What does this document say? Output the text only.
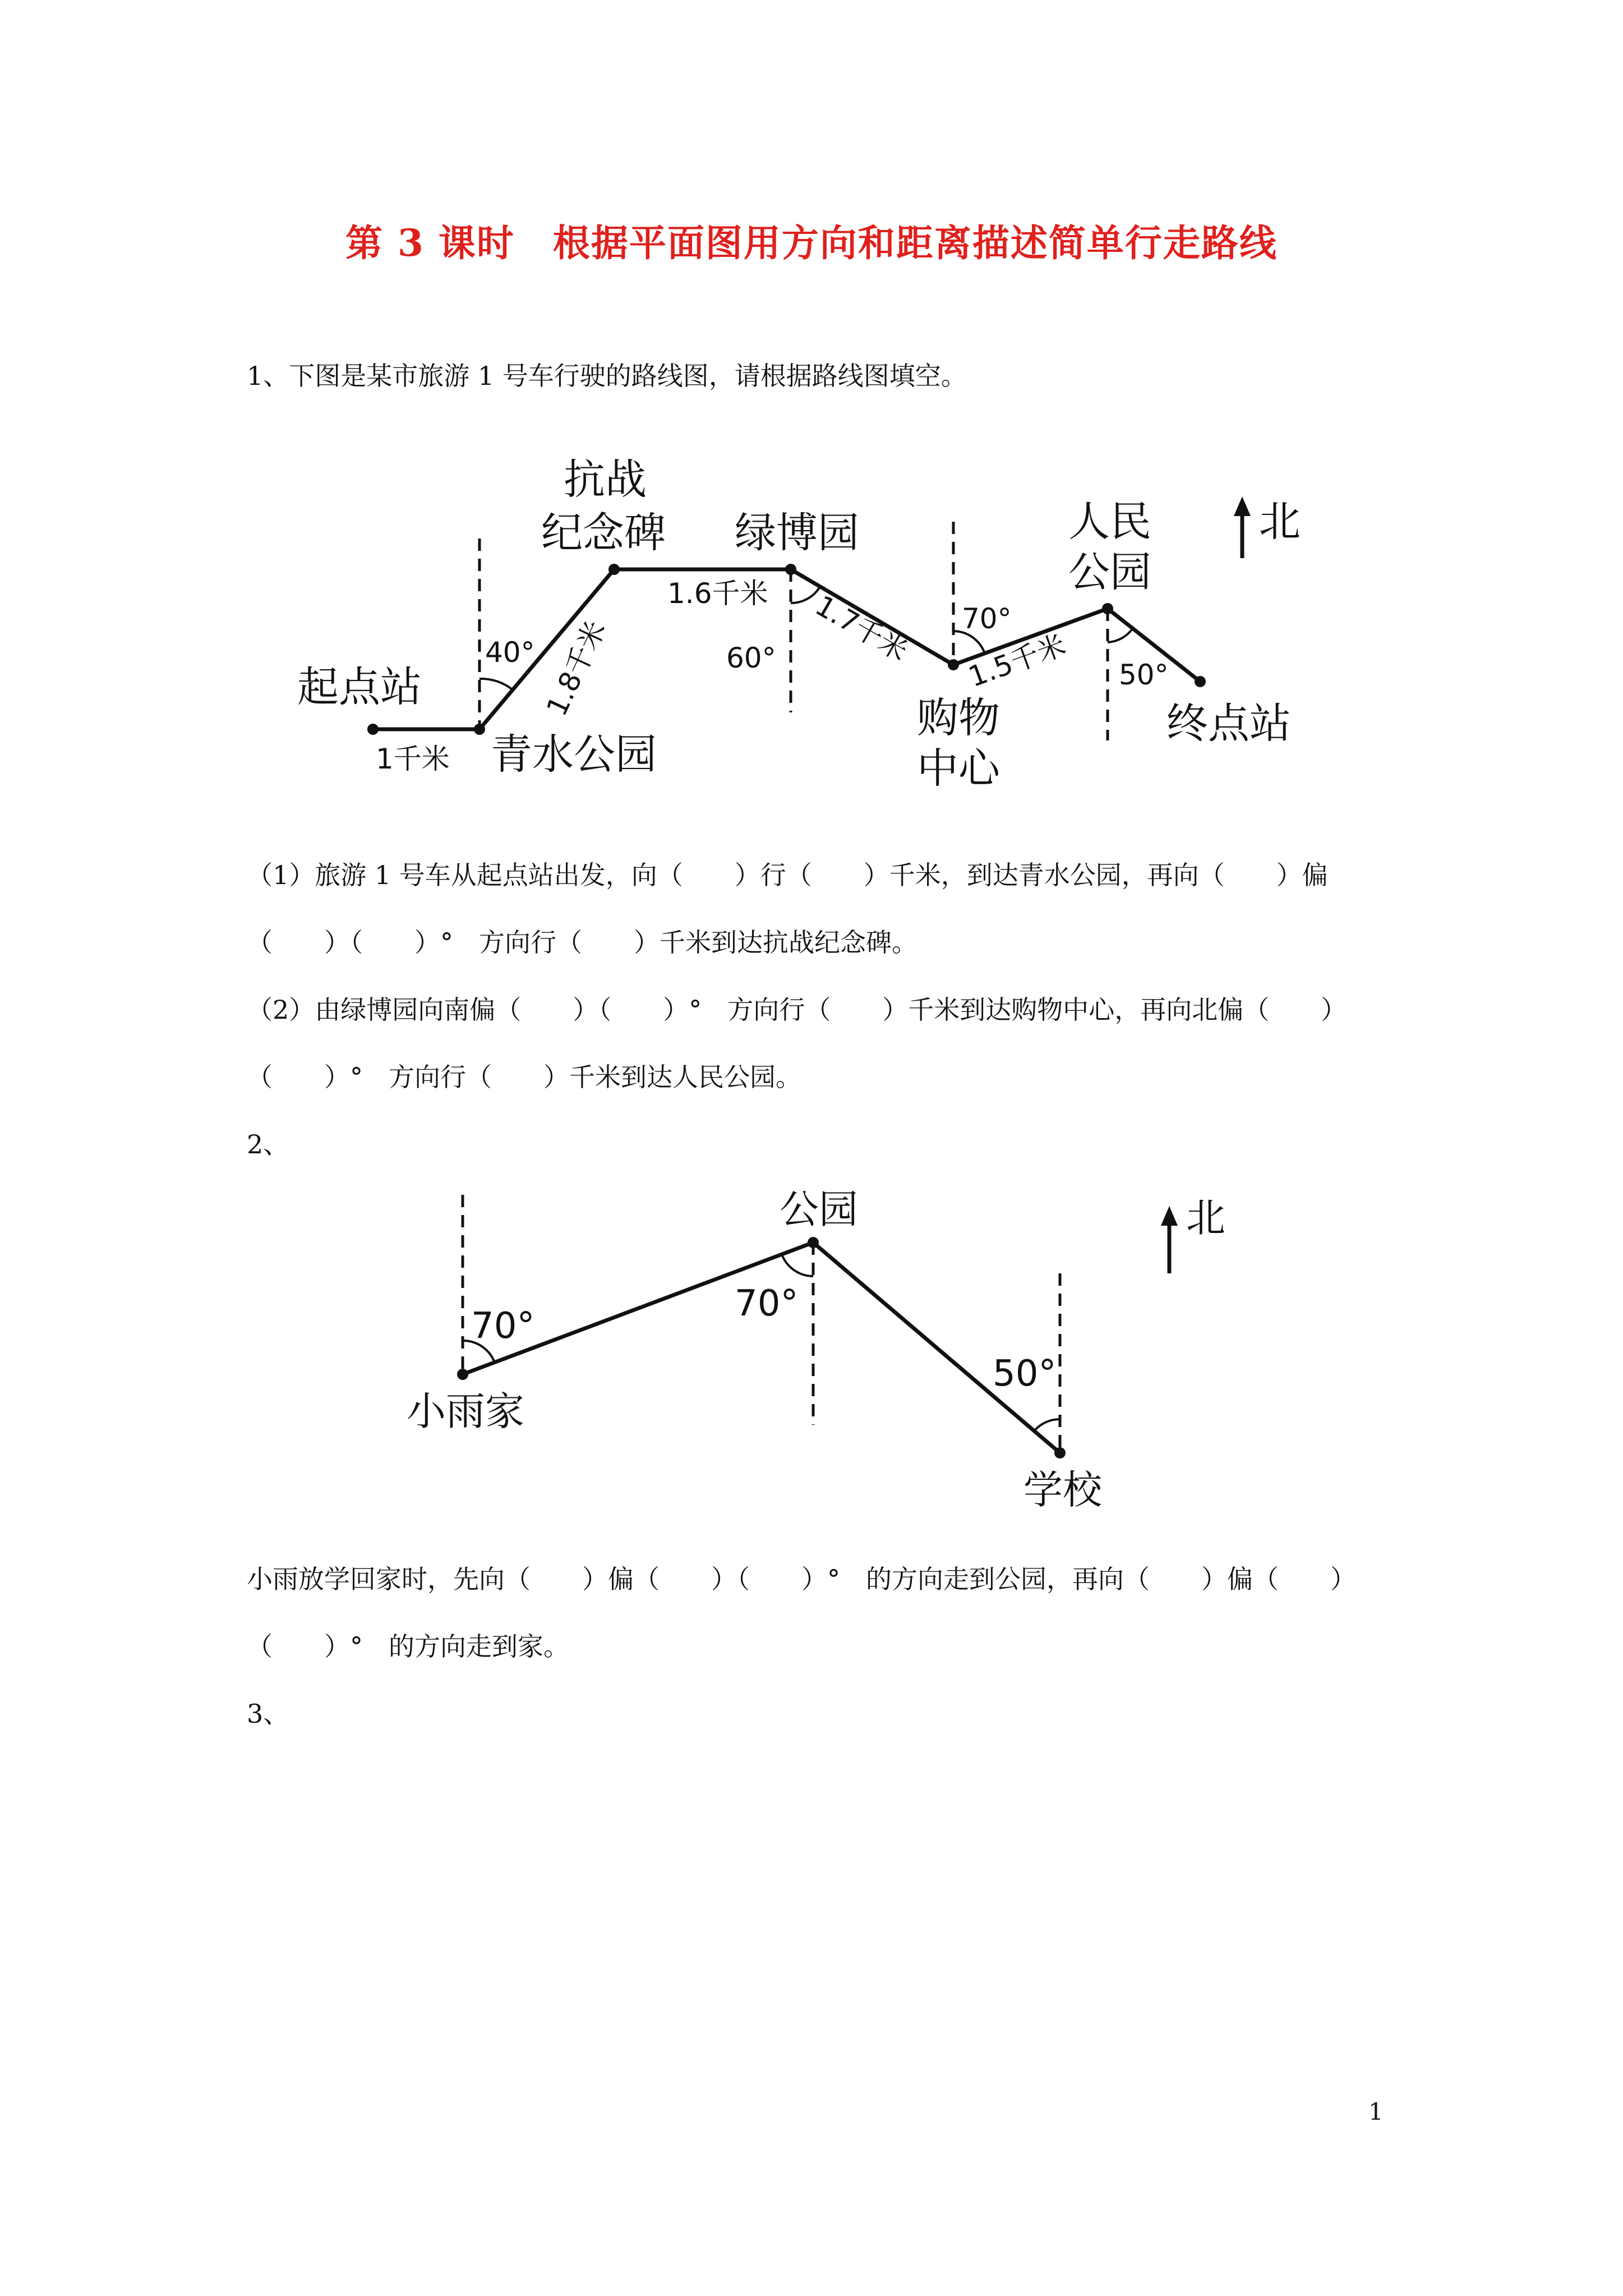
第 3 课时　根据平面图用方向和距离描述简单行走路线
1、下图是某市旅游 1 号车行驶的路线图，请根据路线图填空。
起点站
青水公园
抗战
纪念碑 绿博园
购物
中心
人民
公园
终点站
北
1千米
1.8千米
1.6千米 1.7千米 1.5千米
40°	60°
70°
50°
（1）旅游 1 号车从起点站出发，向（　　）行（　　）千米，到达青水公园，再向（　　）偏
（　　）（　　）°　方向行（　　）千米到达抗战纪念碑。
（2）由绿博园向南偏（　　）（　　）°　方向行（　　）千米到达购物中心，再向北偏（　　）
（　　）°　方向行（　　）千米到达人民公园。
2、
小雨家
公园
学校
北
70°
70°
50°
小雨放学回家时，先向（　　）偏（　　）（　　）°　的方向走到公园，再向（　　）偏（　　）
（　　）°　的方向走到家。
3、
1
